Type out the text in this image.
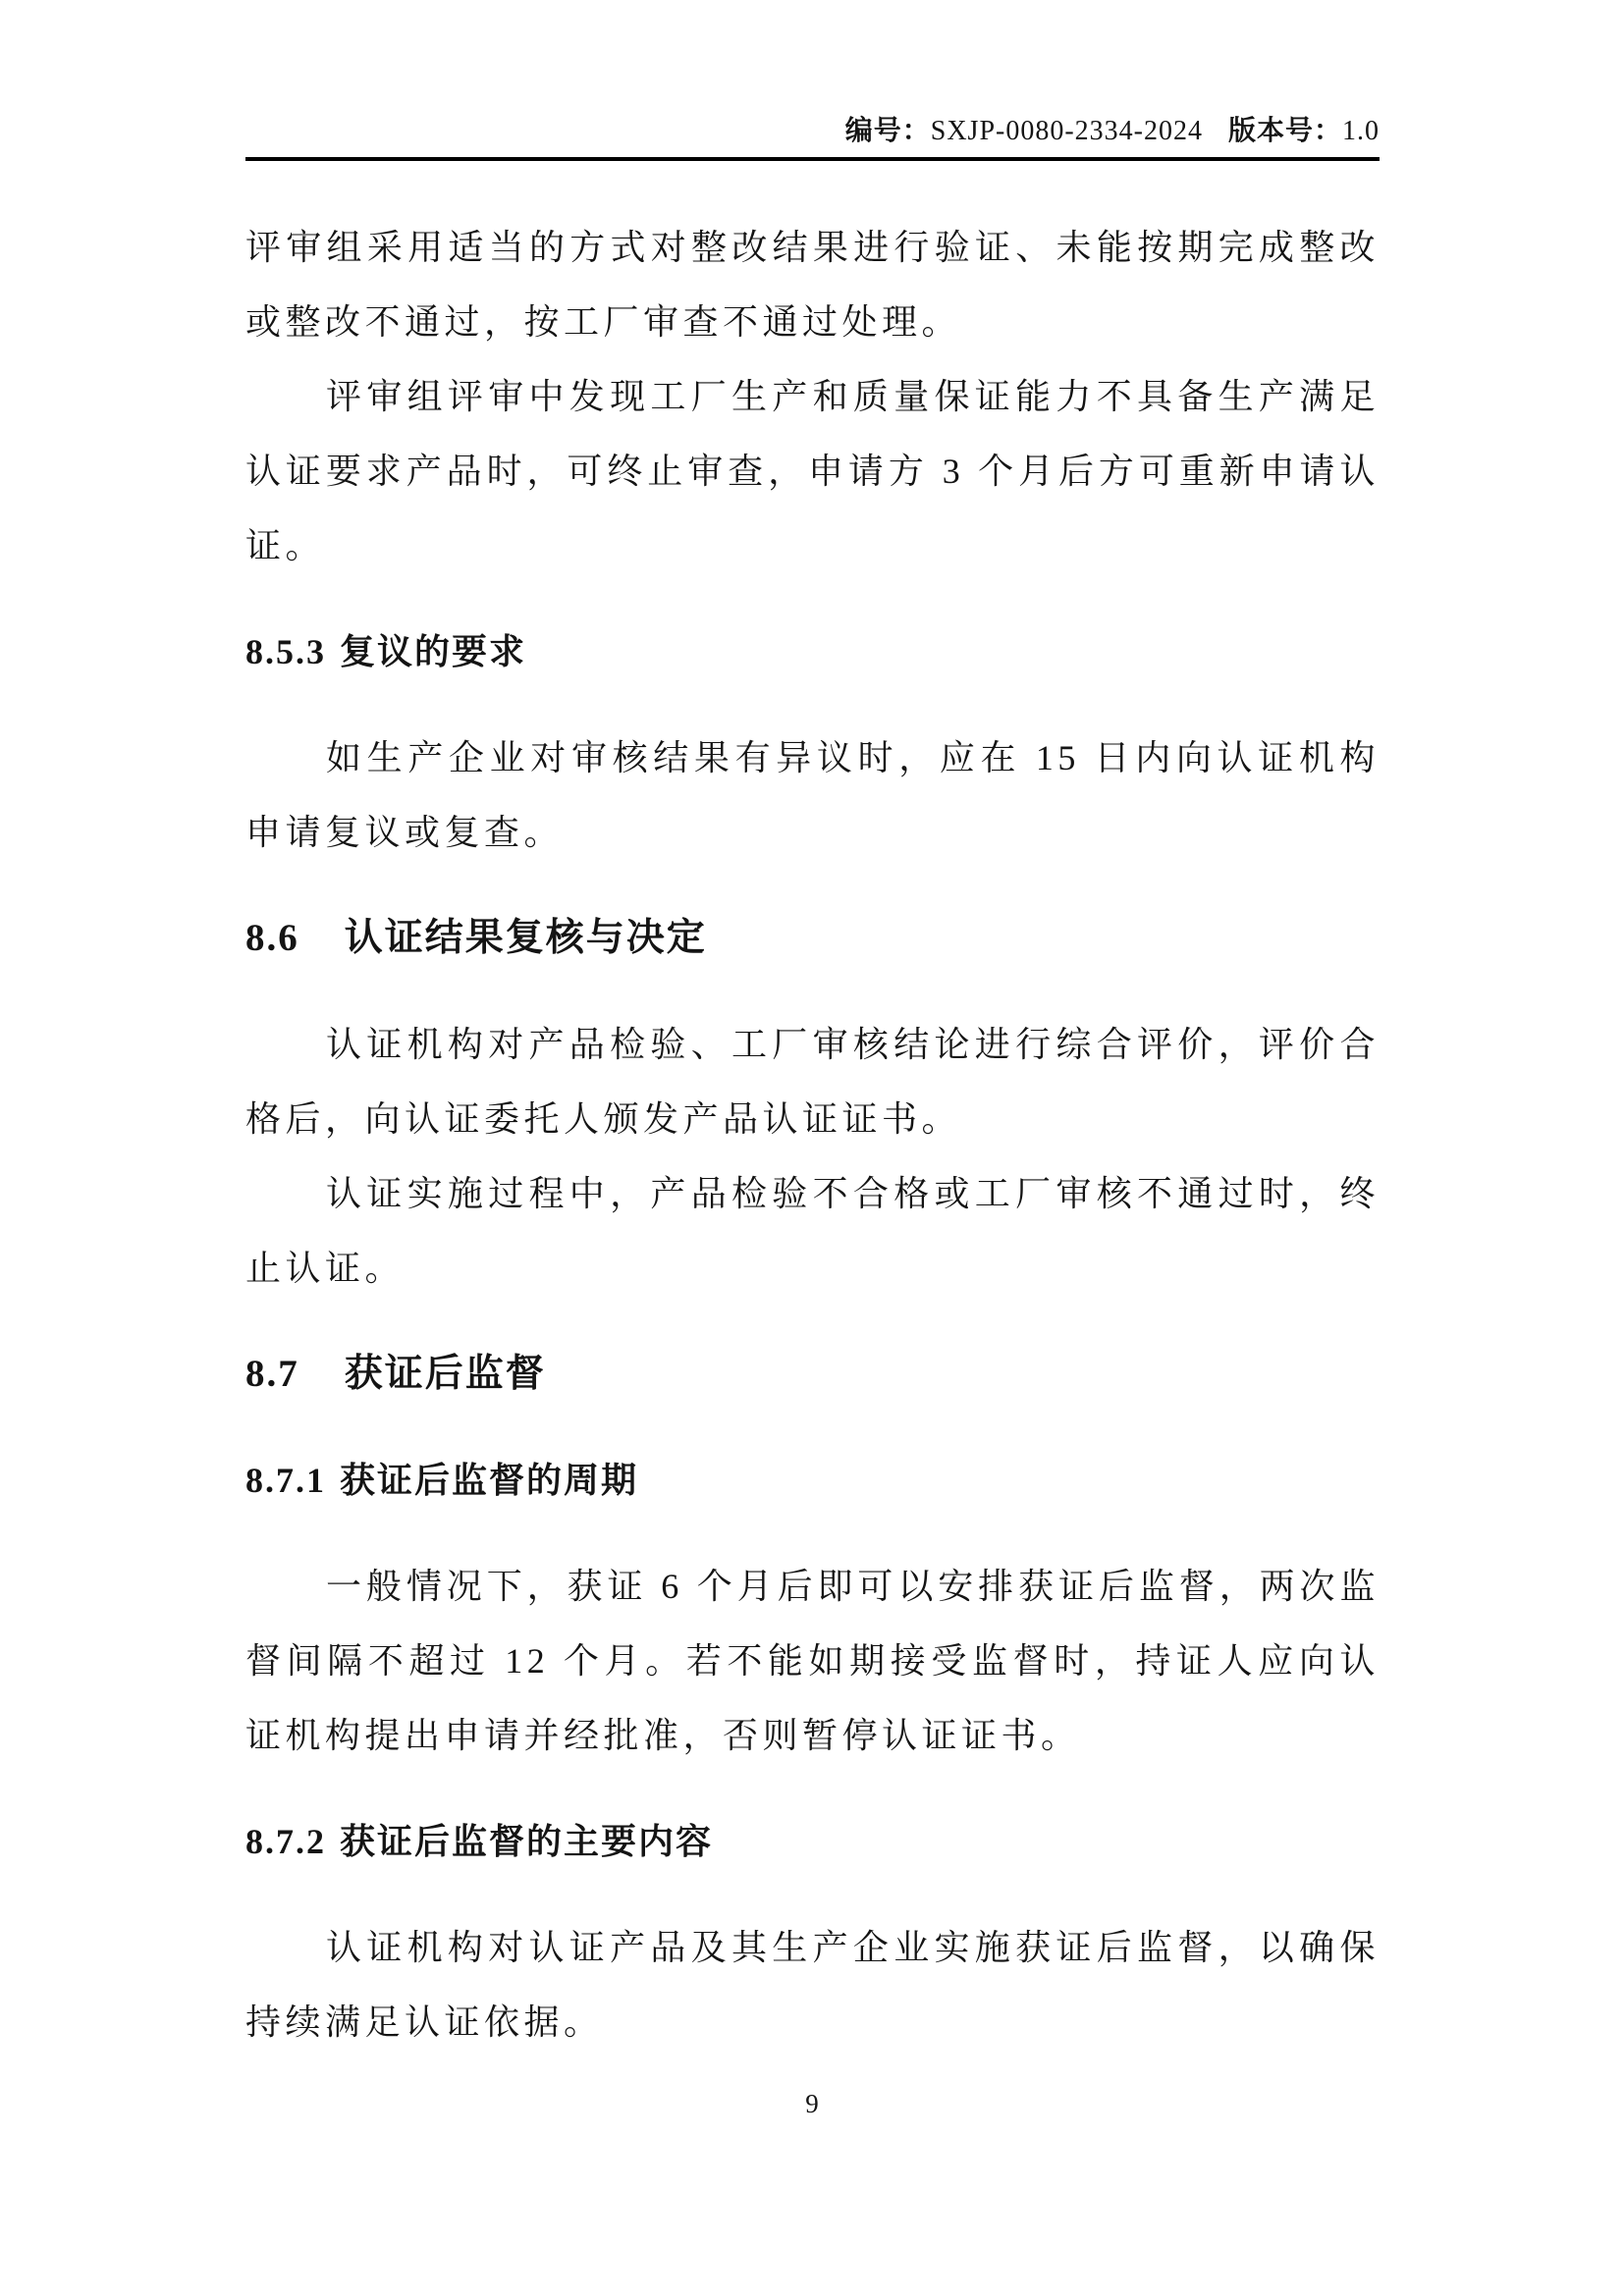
编号：SXJP-0080-2334-2024 版本号：1.0

评审组采用适当的方式对整改结果进行验证、未能按期完成整改或整改不通过，按工厂审查不通过处理。

评审组评审中发现工厂生产和质量保证能力不具备生产满足认证要求产品时，可终止审查，申请方 3 个月后方可重新申请认证。

8.5.3 复议的要求

如生产企业对审核结果有异议时，应在 15 日内向认证机构申请复议或复查。

8.6 认证结果复核与决定

认证机构对产品检验、工厂审核结论进行综合评价，评价合格后，向认证委托人颁发产品认证证书。

认证实施过程中，产品检验不合格或工厂审核不通过时，终止认证。

8.7 获证后监督
8.7.1 获证后监督的周期

一般情况下，获证 6 个月后即可以安排获证后监督，两次监督间隔不超过 12 个月。若不能如期接受监督时，持证人应向认证机构提出申请并经批准，否则暂停认证证书。

8.7.2 获证后监督的主要内容

认证机构对认证产品及其生产企业实施获证后监督，以确保持续满足认证依据。

9
